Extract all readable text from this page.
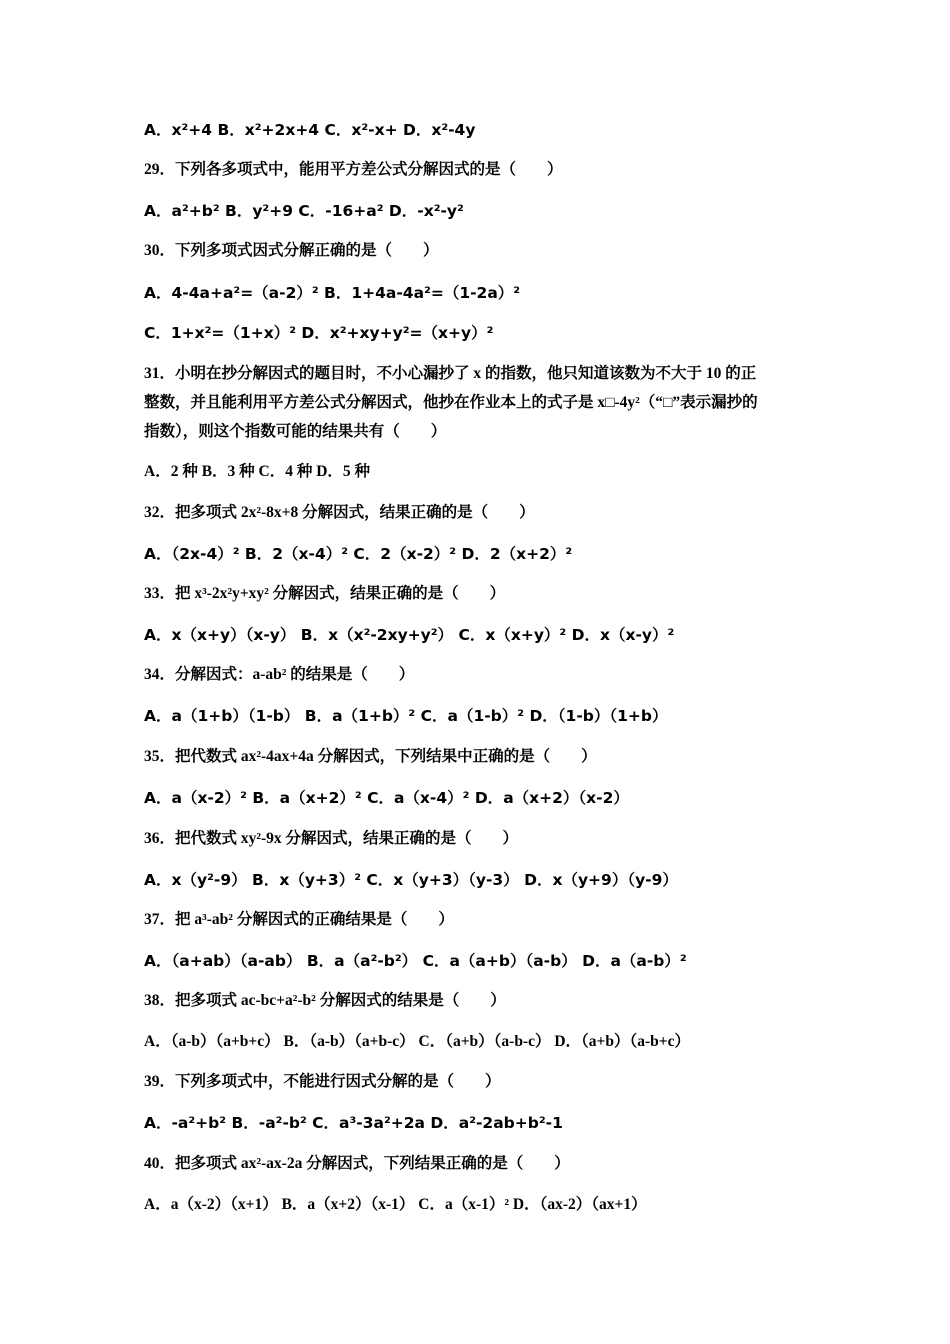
A．x²+4 B．x²+2x+4 C．x²-x+ D．x²-4y
29．下列各多项式中，能用平方差公式分解因式的是（　　）
A．a²+b² B．y²+9 C．-16+a² D．-x²-y²
30．下列多项式因式分解正确的是（　　）
A．4-4a+a²=（a-2）² B．1+4a-4a²=（1-2a）²
C．1+x²=（1+x）² D．x²+xy+y²=（x+y）²
31．小明在抄分解因式的题目时，不小心漏抄了 x 的指数，他只知道该数为不大于 10 的正
整数，并且能利用平方差公式分解因式，他抄在作业本上的式子是 x□-4y²（“□”表示漏抄的
指数），则这个指数可能的结果共有（　　）
A．2 种 B．3 种 C．4 种 D．5 种
32．把多项式 2x²-8x+8 分解因式，结果正确的是（　　）
A．（2x-4）² B．2（x-4）² C．2（x-2）² D．2（x+2）²
33．把 x³-2x²y+xy² 分解因式，结果正确的是（　　）
A．x（x+y）（x-y） B．x（x²-2xy+y²） C．x（x+y）² D．x（x-y）²
34．分解因式：a-ab² 的结果是（　　）
A．a（1+b）（1-b） B．a（1+b）² C．a（1-b）² D．（1-b）（1+b）
35．把代数式 ax²-4ax+4a 分解因式，下列结果中正确的是（　　）
A．a（x-2）² B．a（x+2）² C．a（x-4）² D．a（x+2）（x-2）
36．把代数式 xy²-9x 分解因式，结果正确的是（　　）
A．x（y²-9） B．x（y+3）² C．x（y+3）（y-3） D．x（y+9）（y-9）
37．把 a³-ab² 分解因式的正确结果是（　　）
A．（a+ab）（a-ab） B．a（a²-b²） C．a（a+b）（a-b） D．a（a-b）²
38．把多项式 ac-bc+a²-b² 分解因式的结果是（　　）
A．（a-b）（a+b+c） B．（a-b）（a+b-c） C．（a+b）（a-b-c） D．（a+b）（a-b+c）
39．下列多项式中，不能进行因式分解的是（　　）
A．-a²+b² B．-a²-b² C．a³-3a²+2a D．a²-2ab+b²-1
40．把多项式 ax²-ax-2a 分解因式，下列结果正确的是（　　）
A．a（x-2）（x+1） B．a（x+2）（x-1） C．a（x-1）² D．（ax-2）（ax+1）
